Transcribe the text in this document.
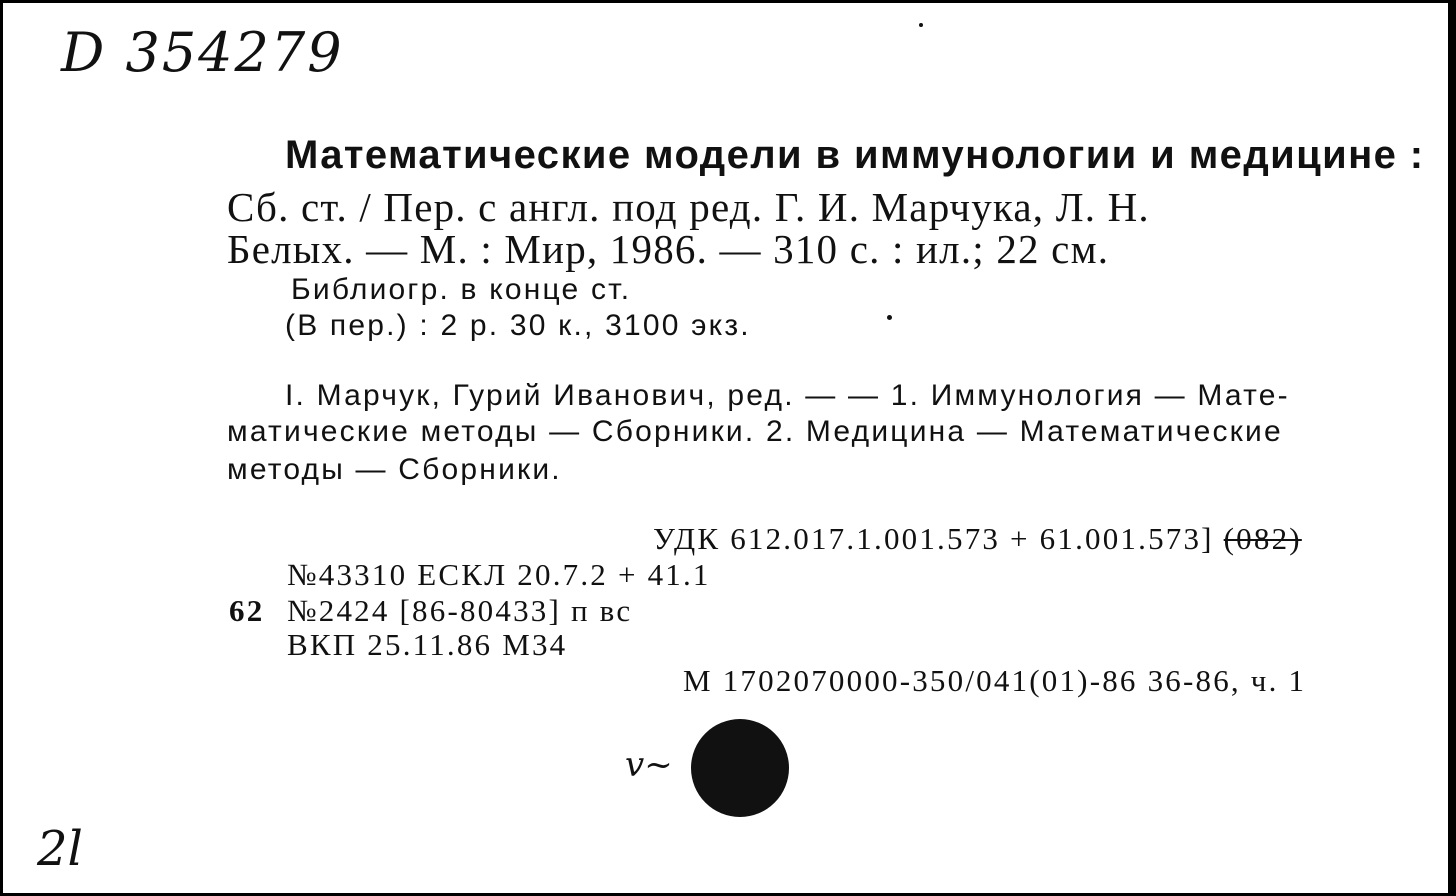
D 354279
Математические модели в иммунологии и медицине :
Сб. ст. / Пер. с англ. под ред. Г. И. Марчука, Л. Н.
Белых. — М. : Мир, 1986. — 310 с. : ил.; 22 см.
Библиогр. в конце ст.
(В пер.) : 2 р. 30 к., 3100 экз.
I. Марчук, Гурий Иванович, ред. — — 1. Иммунология — Мате-
матические методы — Сборники. 2. Медицина — Математические
методы — Сборники.
УДК 612.017.1.001.573 + 61.001.573] (082)
№43310 ЕСКЛ 20.7.2 + 41.1
62 №2424 [86-80433] п вс
ВКП 25.11.86 М34
М 1702070000-350/041(01)-86 36-86, ч. 1
v~
2l
